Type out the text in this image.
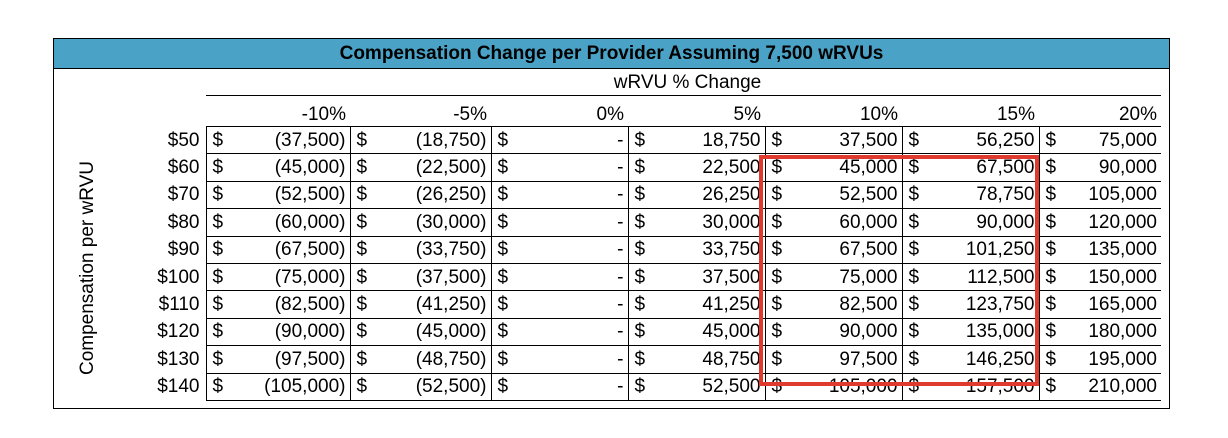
Compensation Change per Provider Assuming 7,500 wRVUs
wRVU % Change
Compensation per wRVU
	-10%		-5%		0%		5%		10%		15%		20%	
$50	$	(37,500)	$	(18,750)	$	-	$	18,750	$	37,500	$	56,250	$	75,000
$60	$	(45,000)	$	(22,500)	$	-	$	22,500	$	45,000	$	67,500	$	90,000
$70	$	(52,500)	$	(26,250)	$	-	$	26,250	$	52,500	$	78,750	$	105,000
$80	$	(60,000)	$	(30,000)	$	-	$	30,000	$	60,000	$	90,000	$	120,000
$90	$	(67,500)	$	(33,750)	$	-	$	33,750	$	67,500	$	101,250	$	135,000
$100	$	(75,000)	$	(37,500)	$	-	$	37,500	$	75,000	$	112,500	$	150,000
$110	$	(82,500)	$	(41,250)	$	-	$	41,250	$	82,500	$	123,750	$	165,000
$120	$	(90,000)	$	(45,000)	$	-	$	45,000	$	90,000	$	135,000	$	180,000
$130	$	(97,500)	$	(48,750)	$	-	$	48,750	$	97,500	$	146,250	$	195,000
$140	$	(105,000)	$	(52,500)	$	-	$	52,500	$	105,000	$	157,500	$	210,000
